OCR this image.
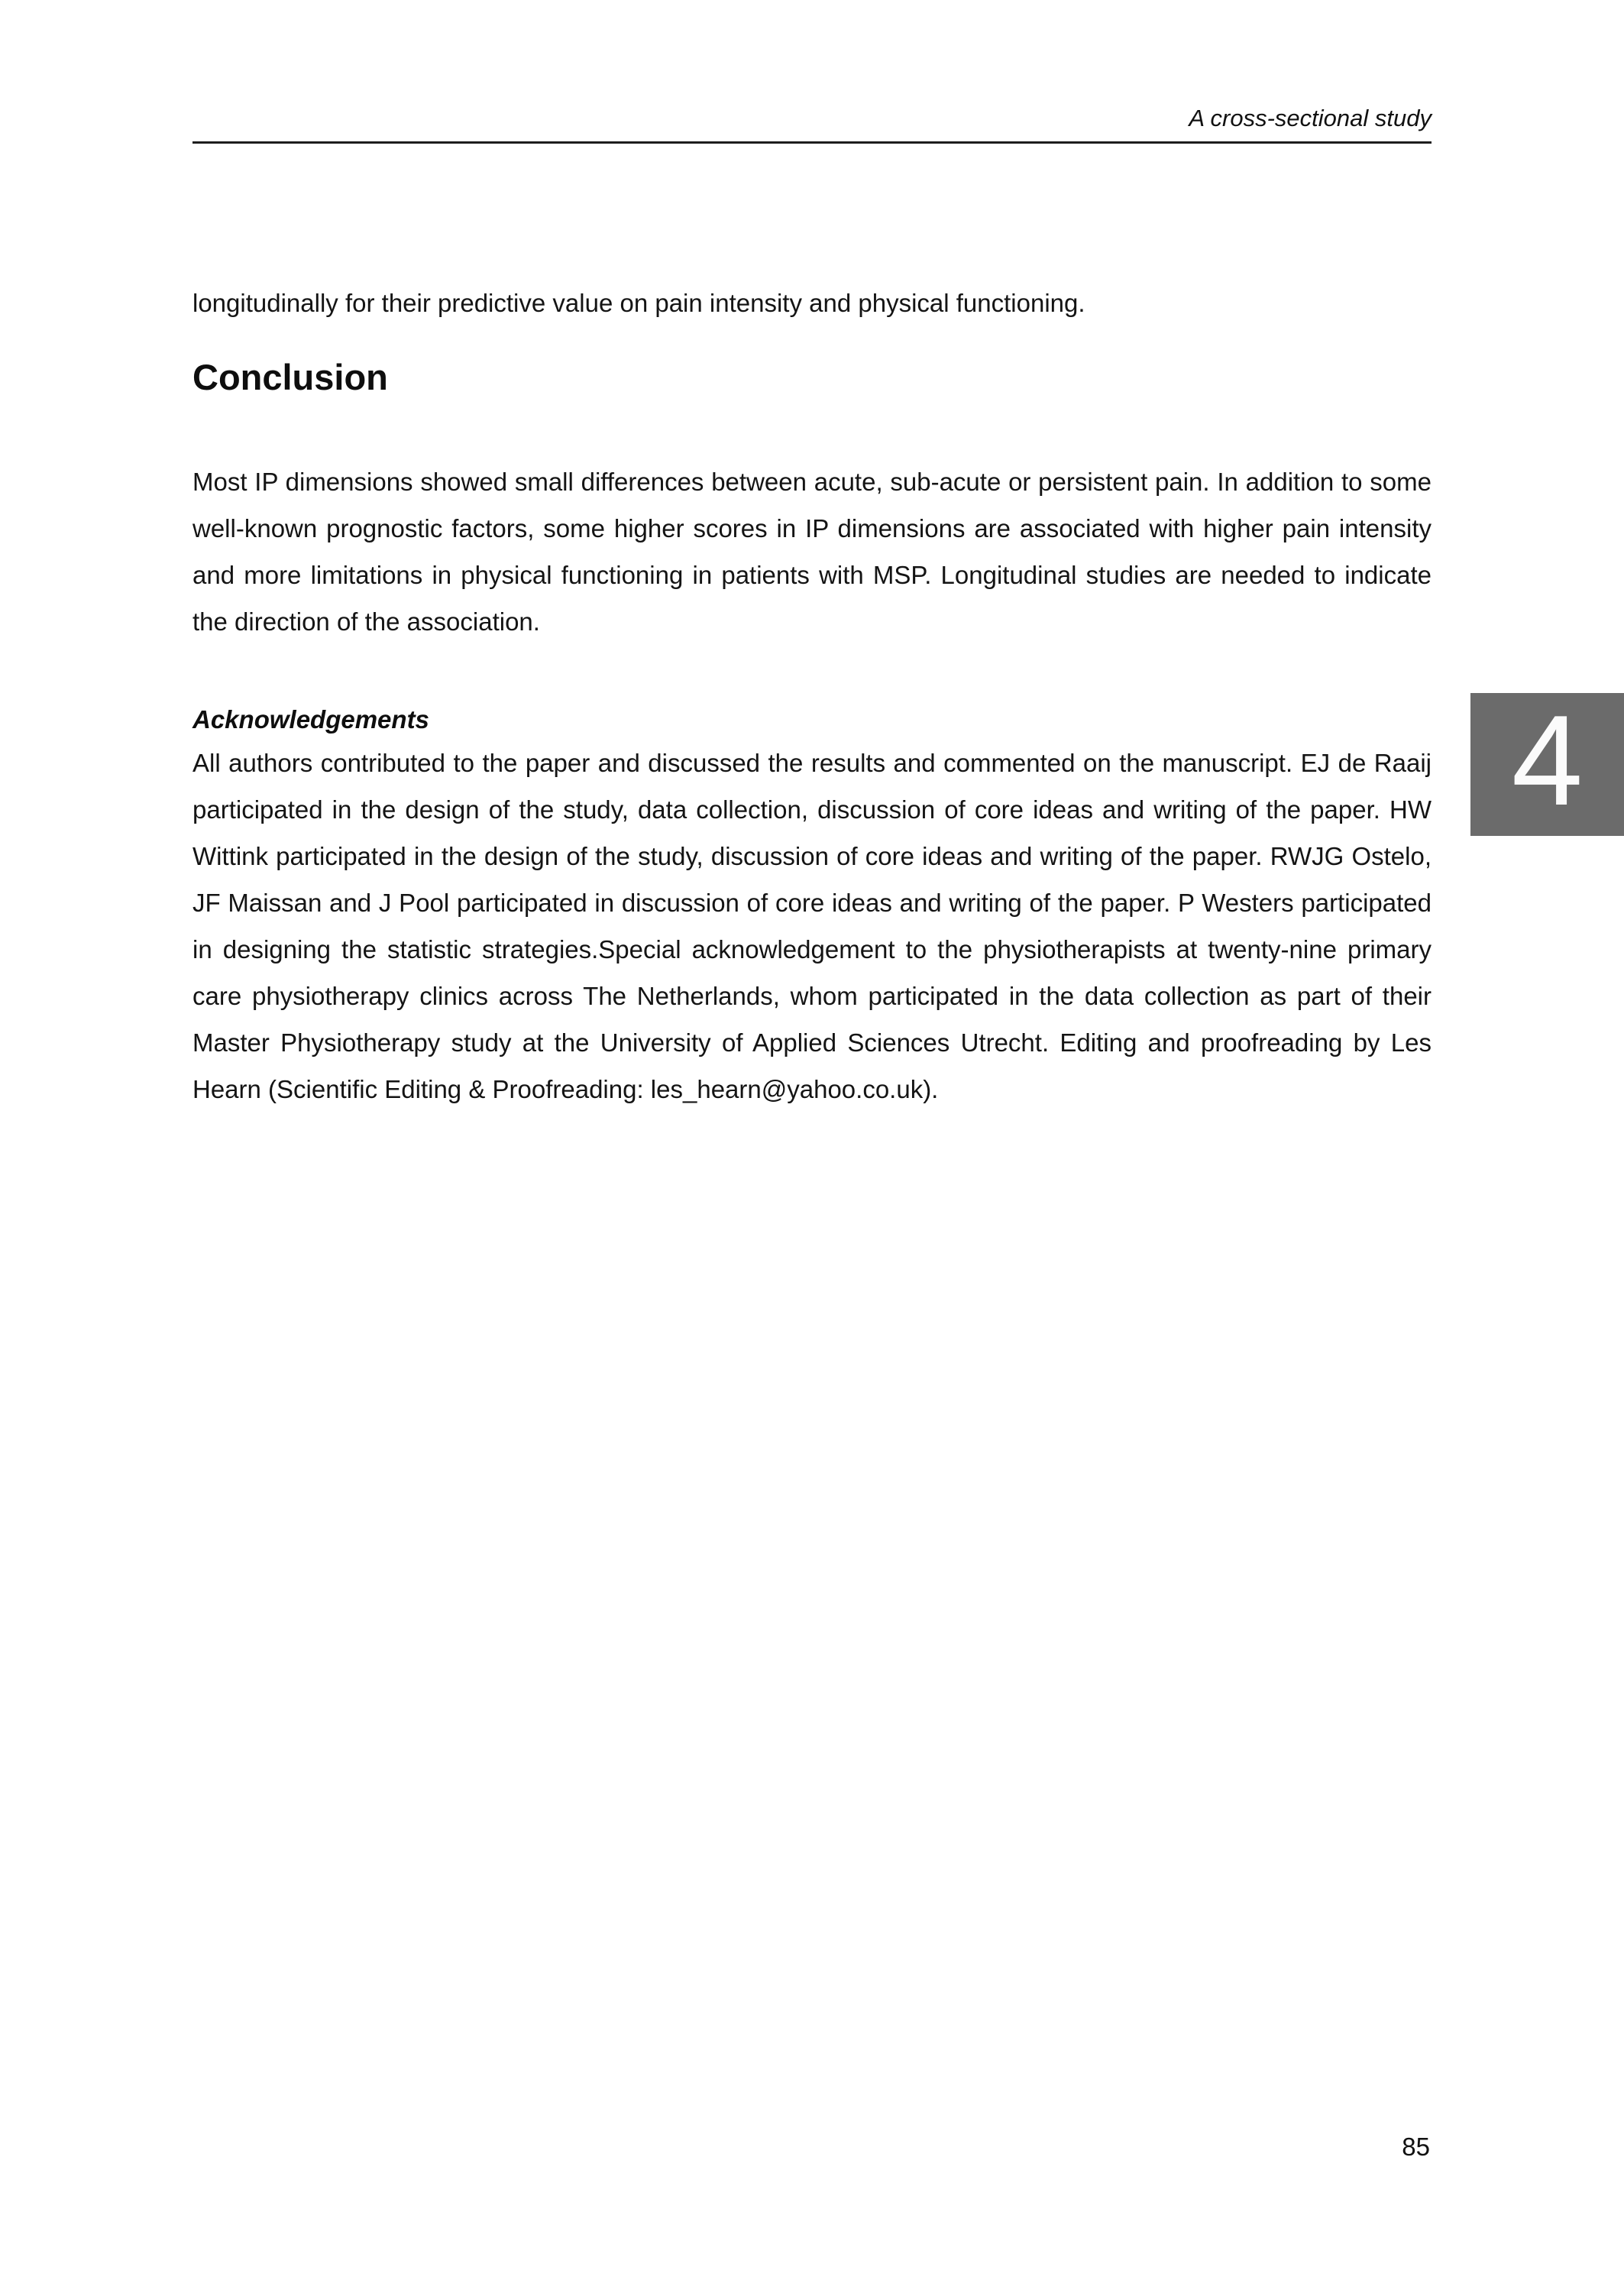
A cross-sectional study

longitudinally for their predictive value on pain intensity and physical functioning.

Conclusion

Most IP dimensions showed small differences between acute, sub-acute or persistent pain. In addition to some well-known prognostic factors, some higher scores in IP dimensions are associated with higher pain intensity and more limitations in physical functioning in patients with MSP. Longitudinal studies are needed to indicate the direction of the association.

Acknowledgements

All authors contributed to the paper and discussed the results and commented on the manuscript. EJ de Raaij participated in the design of the study, data collection, discussion of core ideas and writing of the paper. HW Wittink participated in the design of the study, discussion of core ideas and writing of the paper. RWJG Ostelo, JF Maissan and J Pool participated in discussion of core ideas and writing of the paper. P Westers participated in designing the statistic strategies.Special acknowledgement to the physiotherapists at twenty-nine primary care physiotherapy clinics across The Netherlands, whom participated in the data collection as part of their Master Physiotherapy study at the University of Applied Sciences Utrecht. Editing and proofreading by Les Hearn (Scientific Editing & Proofreading: les_hearn@yahoo.co.uk).

4
85
